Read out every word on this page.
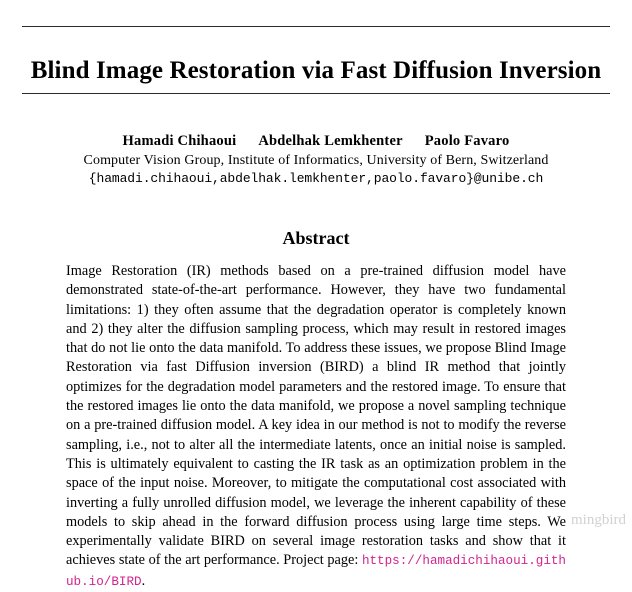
Blind Image Restoration via Fast Diffusion Inversion
Hamadi Chihaoui Abdelhak Lemkhenter Paolo Favaro
Computer Vision Group, Institute of Informatics, University of Bern, Switzerland
{hamadi.chihaoui,abdelhak.lemkhenter,paolo.favaro}@unibe.ch
Abstract

Image Restoration (IR) methods based on a pre-trained diffusion model have demonstrated state-of-the-art performance. However, they have two fundamental limitations: 1) they often assume that the degradation operator is completely known and 2) they alter the diffusion sampling process, which may result in restored images that do not lie onto the data manifold. To address these issues, we propose Blind Image Restoration via fast Diffusion inversion (BIRD) a blind IR method that jointly optimizes for the degradation model parameters and the restored image. To ensure that the restored images lie onto the data manifold, we propose a novel sampling technique on a pre-trained diffusion model. A key idea in our method is not to modify the reverse sampling, i.e., not to alter all the intermediate latents, once an initial noise is sampled. This is ultimately equivalent to casting the IR task as an optimization problem in the space of the input noise. Moreover, to mitigate the computational cost associated with inverting a fully unrolled diffusion model, we leverage the inherent capability of these models to skip ahead in the forward diffusion process using large time steps. We experimentally validate BIRD on several image restoration tasks and show that it achieves state of the art performance. Project page: https://hamadichihaoui.github.io/BIRD.

mingbird
